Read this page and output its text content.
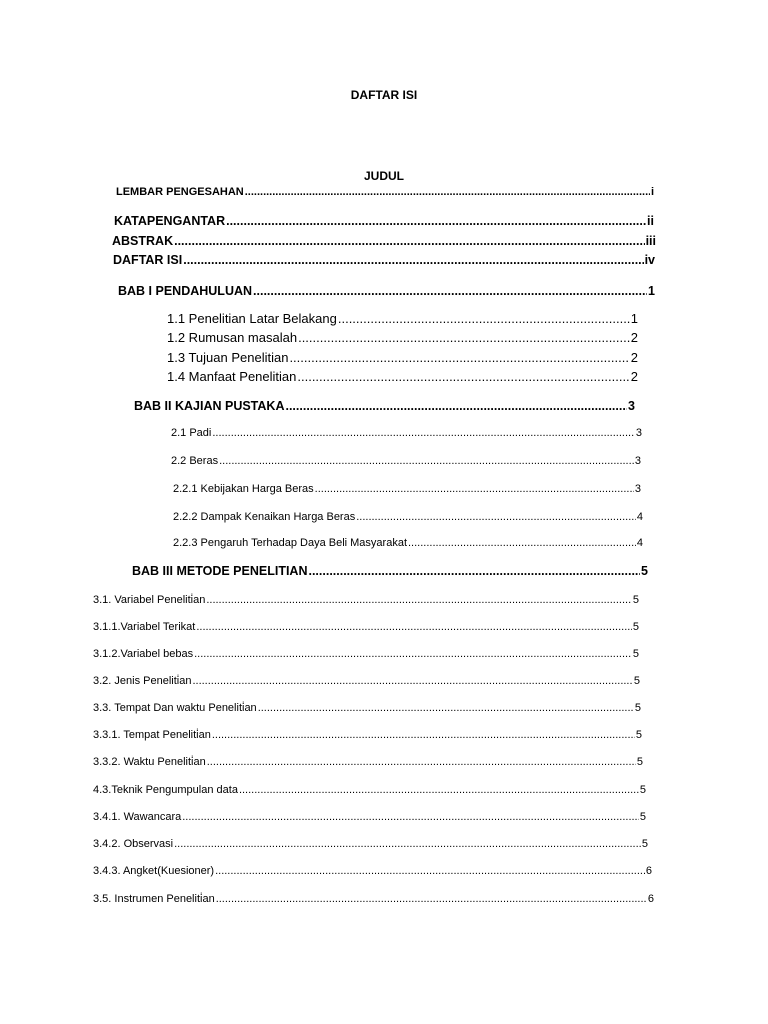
DAFTAR ISI
JUDUL
LEMBAR PENGESAHAN .....	i
KATAPENGANTAR .....	ii
ABSTRAK .....	iii
DAFTAR ISI .....	iv
BAB I PENDAHULUAN .....	1
1.1 Penelitian Latar Belakang .....	1
1.2 Rumusan masalah .....	2
1.3 Tujuan Penelitian .....	2
1.4 Manfaat Penelitian .....	2
BAB II KAJIAN PUSTAKA .....	3
2.1 Padi .....	3
2.2 Beras .....	3
2.2.1 Kebijakan Harga Beras .....	3
2.2.2 Dampak Kenaikan Harga Beras .....	4
2.2.3 Pengaruh Terhadap Daya Beli Masyarakat .....	4
BAB III METODE PENELITIAN .....	5
3.1. Variabel Peneliti̇an .....	5
3.1.1.Variabel Terikat .....	5
3.1.2.Variabel bebas .....	5
3.2. Jenis Peneliti̇an .....	5
3.3. Tempat Dan waktu Peneliti̇an .....	5
3.3.1. Tempat Peneliti̇an .....	5
3.3.2. Waktu Peneliti̇an .....	5
4.3.Teknik Pengumpulan data .....	5
3.4.1. Wawancara .....	5
3.4.2. Observasi .....	5
3.4.3. Angket(Kuesioner) .....	6
3.5. Instrumen Peneliti̇an .....	6
